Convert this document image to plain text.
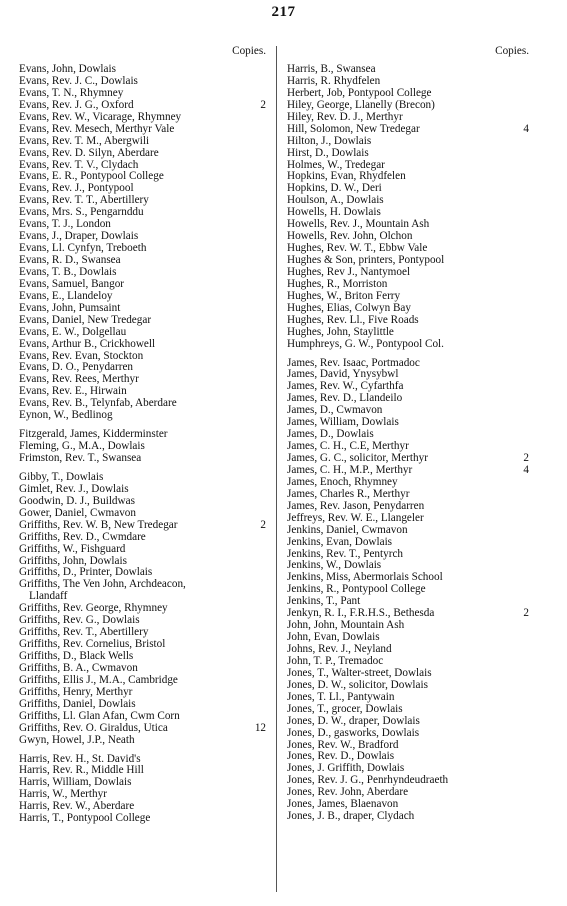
217
Copies.
Evans, John, Dowlais
Evans, Rev. J. C., Dowlais
Evans, T. N., Rhymney
Evans, Rev. J. G., Oxford	2
Evans, Rev. W., Vicarage, Rhymney
Evans, Rev. Mesech, Merthyr Vale
Evans, Rev. T. M., Abergwili
Evans, Rev. D. Silyn, Aberdare
Evans, Rev. T. V., Clydach
Evans, E. R., Pontypool College
Evans, Rev. J., Pontypool
Evans, Rev. T. T., Abertillery
Evans, Mrs. S., Pengarnddu
Evans, T. J., London
Evans, J., Draper, Dowlais
Evans, Ll. Cynfyn, Treboeth
Evans, R. D., Swansea
Evans, T. B., Dowlais
Evans, Samuel, Bangor
Evans, E., Llandeloy
Evans, John, Pumsaint
Evans, Daniel, New Tredegar
Evans, E. W., Dolgellau
Evans, Arthur B., Crickhowell
Evans, Rev. Evan, Stockton
Evans, D. O., Penydarren
Evans, Rev. Rees, Merthyr
Evans, Rev. E., Hirwain
Evans, Rev. B., Telynfab, Aberdare
Eynon, W., Bedlinog
Fitzgerald, James, Kidderminster
Fleming, G., M.A., Dowlais
Frimston, Rev. T., Swansea
Gibby, T., Dowlais
Gimlet, Rev. J., Dowlais
Goodwin, D. J., Buildwas
Gower, Daniel, Cwmavon
Griffiths, Rev. W. B, New Tredegar	2
Griffiths, Rev. D., Cwmdare
Griffiths, W., Fishguard
Griffiths, John, Dowlais
Griffiths, D., Printer, Dowlais
Griffiths, The Ven John, Archdeacon,
Llandaff
Griffiths, Rev. George, Rhymney
Griffiths, Rev. G., Dowlais
Griffiths, Rev. T., Abertillery
Griffiths, Rev. Cornelius, Bristol
Griffiths, D., Black Wells
Griffiths, B. A., Cwmavon
Griffiths, Ellis J., M.A., Cambridge
Griffiths, Henry, Merthyr
Griffiths, Daniel, Dowlais
Griffiths, Ll. Glan Afan, Cwm Corn
Griffiths, Rev. O. Giraldus, Utica	12
Gwyn, Howel, J.P., Neath
Harris, Rev. H., St. David's
Harris, Rev. R., Middle Hill
Harris, William, Dowlais
Harris, W., Merthyr
Harris, Rev. W., Aberdare
Harris, T., Pontypool College
Copies.
Harris, B., Swansea
Harris, R. Rhydfelen
Herbert, Job, Pontypool College
Hiley, George, Llanelly (Brecon)
Hiley, Rev. D. J., Merthyr
Hill, Solomon, New Tredegar	4
Hilton, J., Dowlais
Hirst, D., Dowlais
Holmes, W., Tredegar
Hopkins, Evan, Rhydfelen
Hopkins, D. W., Deri
Houlson, A., Dowlais
Howells, H. Dowlais
Howells, Rev. J., Mountain Ash
Howells, Rev. John, Olchon
Hughes, Rev. W. T., Ebbw Vale
Hughes & Son, printers, Pontypool
Hughes, Rev J., Nantymoel
Hughes, R., Morriston
Hughes, W., Briton Ferry
Hughes, Elias, Colwyn Bay
Hughes, Rev. Ll., Five Roads
Hughes, John, Staylittle
Humphreys, G. W., Pontypool Col.
James, Rev. Isaac, Portmadoc
James, David, Ynysybwl
James, Rev. W., Cyfarthfa
James, Rev. D., Llandeilo
James, D., Cwmavon
James, William, Dowlais
James, D., Dowlais
James, C. H., C.E, Merthyr
James, G. C., solicitor, Merthyr	2
James, C. H., M.P., Merthyr	4
James, Enoch, Rhymney
James, Charles R., Merthyr
James, Rev. Jason, Penydarren
Jeffreys, Rev. W. E., Llangeler
Jenkins, Daniel, Cwmavon
Jenkins, Evan, Dowlais
Jenkins, Rev. T., Pentyrch
Jenkins, W., Dowlais
Jenkins, Miss, Abermorlais School
Jenkins, R., Pontypool College
Jenkins, T., Pant
Jenkyn, R. I., F.R.H.S., Bethesda	2
John, John, Mountain Ash
John, Evan, Dowlais
Johns, Rev. J., Neyland
John, T. P., Tremadoc
Jones, T., Walter-street, Dowlais
Jones, D. W., solicitor, Dowlais
Jones, T. Ll., Pantywain
Jones, T., grocer, Dowlais
Jones, D. W., draper, Dowlais
Jones, D., gasworks, Dowlais
Jones, Rev. W., Bradford
Jones, Rev. D., Dowlais
Jones, J. Griffith, Dowlais
Jones, Rev. J. G., Penrhyndeudraeth
Jones, Rev. John, Aberdare
Jones, James, Blaenavon
Jones, J. B., draper, Clydach
